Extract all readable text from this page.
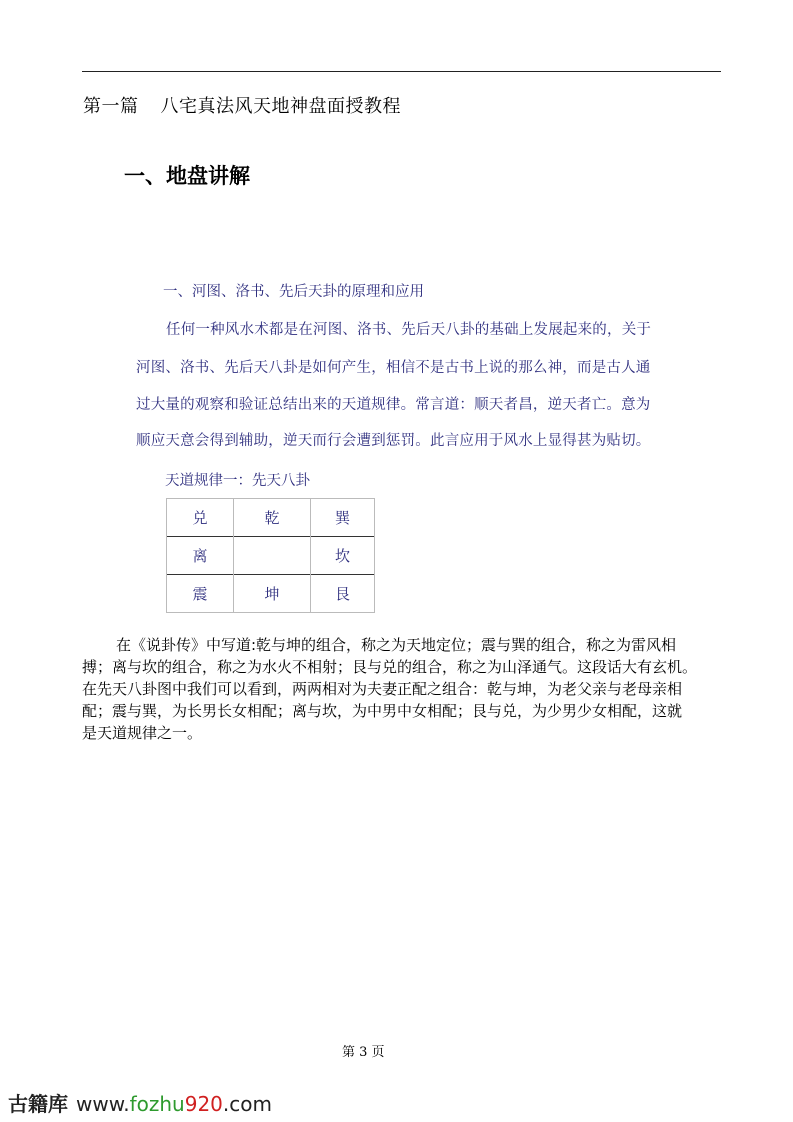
第一篇 八宅真法风天地神盘面授教程
一、地盘讲解
一、河图、洛书、先后天卦的原理和应用
任何一种风水术都是在河图、洛书、先后天八卦的基础上发展起来的，关于
河图、洛书、先后天八卦是如何产生，相信不是古书上说的那么神，而是古人通
过大量的观察和验证总结出来的天道规律。常言道：顺天者昌，逆天者亡。意为
顺应天意会得到辅助，逆天而行会遭到惩罚。此言应用于风水上显得甚为贴切。
天道规律一：先天八卦
兑	乾	巽
离		坎
震	坤	艮
在《说卦传》中写道:乾与坤的组合，称之为天地定位；震与巽的组合，称之为雷风相
搏；离与坎的组合，称之为水火不相射；艮与兑的组合，称之为山泽通气。这段话大有玄机。
在先天八卦图中我们可以看到，两两相对为夫妻正配之组合：乾与坤，为老父亲与老母亲相
配；震与巽，为长男长女相配；离与坎，为中男中女相配；艮与兑，为少男少女相配，这就
是天道规律之一。
第 3 页
古籍库 www.fozhu920.com
